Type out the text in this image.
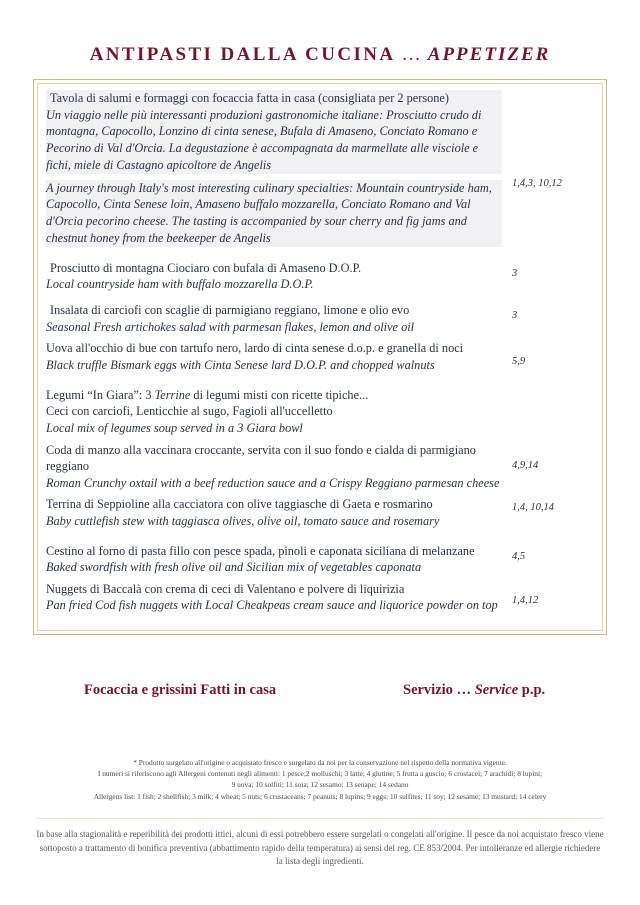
ANTIPASTI DALLA CUCINA … APPETIZER
Tavola di salumi e formaggi con focaccia fatta in casa (consigliata per 2 persone)
Un viaggio nelle più interessanti produzioni gastronomiche italiane: Prosciutto crudo di montagna, Capocollo, Lonzino di cinta senese, Bufala di Amaseno, Conciato Romano e Pecorino di Val d'Orcia. La degustazione è accompagnata da marmellate alle visciole e fichi, miele di Castagno apicoltore de Angelis
A journey through Italy's most interesting culinary specialties: Mountain countryside ham, Capocollo, Cinta Senese loin, Amaseno buffalo mozzarella, Conciato Romano and Val d'Orcia pecorino cheese. The tasting is accompanied by sour cherry and fig jams and chestnut honey from the beekeeper de Angelis
1,4,3, 10,12
Prosciutto di montagna Ciociaro con bufala di Amaseno D.O.P.
Local countryside ham with buffalo mozzarella D.O.P.
3
Insalata di carciofi con scaglie di parmigiano reggiano, limone e olio evo
Seasonal Fresh artichokes salad with parmesan flakes, lemon and olive oil
3
Uova all'occhio di bue con tartufo nero, lardo di cinta senese d.o.p. e granella di noci
Black truffle Bismark eggs with Cinta Senese lard D.O.P. and chopped walnuts	5,9
Legumi “In Giara”: 3 Terrine di legumi misti con ricette tipiche...
Ceci con carciofi, Lenticchie al sugo, Fagioli all'uccelletto
Local mix of legumes soup served in a 3 Giara bowl
Coda di manzo alla vaccinara croccante, servita con il suo fondo e cialda di parmigiano reggiano
Roman Crunchy oxtail with a beef reduction sauce and a Crispy Reggiano parmesan cheese
4,9,14
Terrina di Seppioline alla cacciatora con olive taggiasche di Gaeta e rosmarino
Baby cuttlefish stew with taggiasca olives, olive oil, tomato sauce and rosemary
1,4, 10,14
Cestino al forno di pasta fillo con pesce spada, pinoli e caponata siciliana di melanzane
Baked swordfish with fresh olive oil and Sicilian mix of vegetables caponata
4,5
Nuggets di Baccalà con crema di ceci di Valentano e polvere di liquirizia
Pan fried Cod fish nuggets with Local Cheakpeas cream sauce and liquorice powder on top	1,4,12
Focaccia e grissini Fatti in casa	Servizio … Service p.p.
* Prodotto surgelato all'origine o acquistato fresco e surgelato da noi per la conservazione nel rispetto della normativa vigente.
I numeri si riferiscono agli Allergeni contenuti negli alimenti: 1 pesce;2 molluschi; 3 latte; 4 glutine; 5 frutta a guscio; 6 crostacei; 7 arachidi; 8 lupini;
9 uova; 10 solfiti; 11 soia; 12 sesamo; 13 senape; 14 sedano
Allergens list: 1 fish; 2 shellfish; 3 milk; 4 wheat; 5 nuts; 6 crustaceans; 7 peanuts; 8 lupins; 9 eggs; 10 sulfites; 11 soy; 12 sesame; 13 mustard; 14 celery
In base alla stagionalità e reperibilità dei prodotti ittici, alcuni di essi potrebbero essere surgelati o congelati all'origine. Il pesce da noi acquistato fresco viene sottoposto a trattamento di bonifica preventiva (abbattimento rapido della temperatura) ai sensi del reg. CE 853/2004. Per intolleranze ed allergie richiedere la lista degli ingredienti.
